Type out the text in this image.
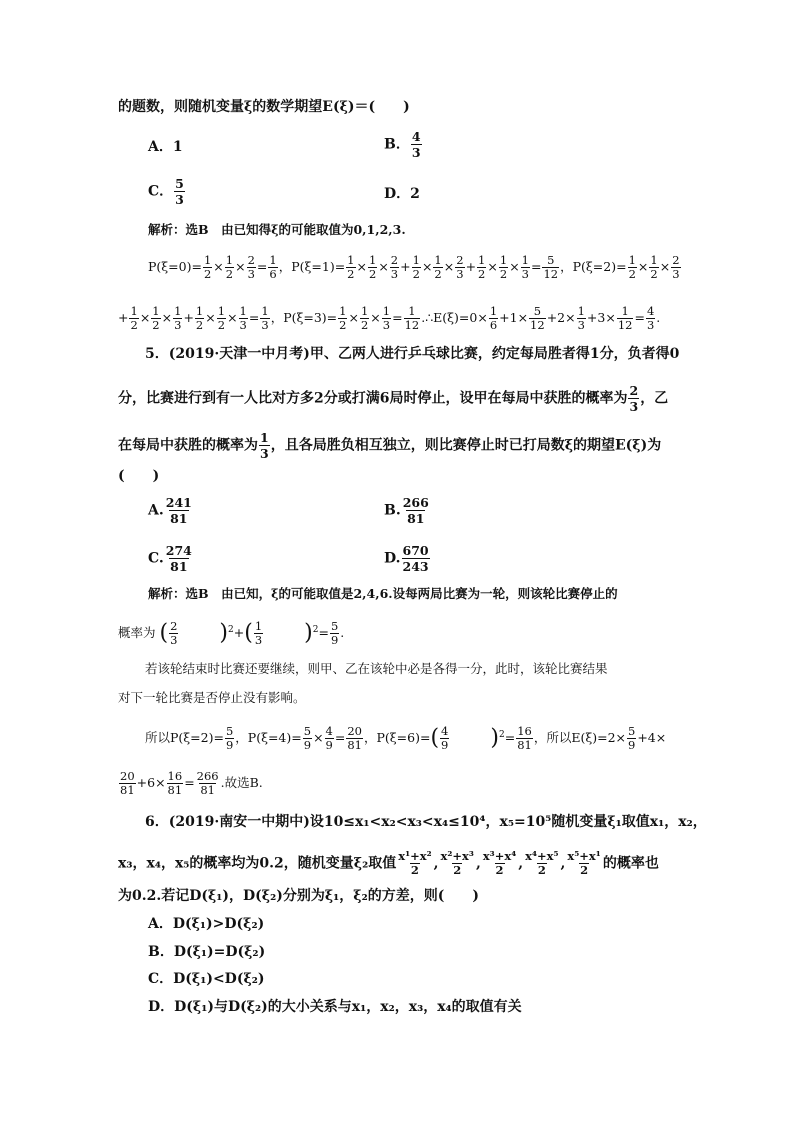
的题数，则随机变量ξ的数学期望E(ξ)＝(　　)
A．1	B． $\frac{4}{3}$
C． $\frac{5}{3}$	D．2
解析：选B　由已知得ξ的可能取值为0,1,2,3.
$P(\xi=0)= \frac{1}{2} \times \frac{1}{2} \times \frac{2}{3} = \frac{1}{6}$ ，$P(\xi=1)= \frac{1}{2} \times \frac{1}{2} \times \frac{2}{3} + \frac{1}{2} \times \frac{1}{2} \times \frac{2}{3} + \frac{1}{2} \times \frac{1}{2} \times \frac{1}{3} = \frac{5}{12}$ ，$P(\xi=2)= \frac{1}{2} \times \frac{1}{2} \times \frac{2}{3}$
+ $\frac{1}{2} \times \frac{1}{2} \times \frac{1}{3} + \frac{1}{2} \times \frac{1}{2} \times \frac{1}{3} = \frac{1}{3}$ ，$P(\xi=3)= \frac{1}{2} \times \frac{1}{2} \times \frac{1}{3} = \frac{1}{12}$ .∴E(ξ)=0× $\frac{1}{6} +1\times \frac{5}{12} +2\times \frac{1}{3} +3\times \frac{1}{12} = \frac{4}{3}$ .
5．(2019·天津一中月考)甲、乙两人进行乒乓球比赛，约定每局胜者得1分，负者得0
分，比赛进行到有一人比对方多2分或打满6局时停止，设甲在每局中获胜的概率为 $\frac{2}{3}$ ，乙
在每局中获胜的概率为 $\frac{1}{3}$ ，且各局胜负相互独立，则比赛停止时已打局数ξ的期望E(ξ)为
(　　)
A. $\frac{241}{81}$	B. $\frac{266}{81}$
C. $\frac{274}{81}$	D. $\frac{670}{243}$
解析：选B　由已知，ξ的可能取值是2,4,6.设每两局比赛为一轮，则该轮比赛停止的
概率为 ( $\frac{2}{3} )^2+( \frac{1}{3} )^2= \frac{5}{9}$ .
若该轮结束时比赛还要继续，则甲、乙在该轮中必是各得一分，此时，该轮比赛结果
对下一轮比赛是否停止没有影响。
所以$P(\xi=2)= \frac{5}{9}$ ，$P(\xi=4)= \frac{5}{9} \times \frac{4}{9} = \frac{20}{81}$ ，$P(\xi=6)=( \frac{4}{9} )^2= \frac{16}{81}$ ，所以$E(\xi)=2\times \frac{5}{9} +4\times$
$\frac{20}{81} +6\times \frac{16}{81} = \frac{266}{81}$ .故选B.
6．(2019·南安一中期中)设10≤x₁<x₂<x₃<x₄≤10⁴，x₅=10⁵随机变量ξ₁取值x₁，x₂，
x₃，x₄，x₅的概率均为0.2，随机变量ξ₂取值 $\frac{\text{x¹+x²}}{2}$ , $\frac{\text{x²+x³}}{2}$ , $\frac{\text{x³+x⁴}}{2}$ , $\frac{\text{x⁴+x⁵}}{2}$ , $\frac{\text{x⁵+x¹}}{2}$ 的概率也
为0.2.若记D(ξ₁)，D(ξ₂)分别为ξ₁，ξ₂的方差，则(　　)
A．D(ξ₁)>D(ξ₂)
B．D(ξ₁)=D(ξ₂)
C．D(ξ₁)<D(ξ₂)
D．D(ξ₁)与D(ξ₂)的大小关系与x₁，x₂，x₃，x₄的取值有关
